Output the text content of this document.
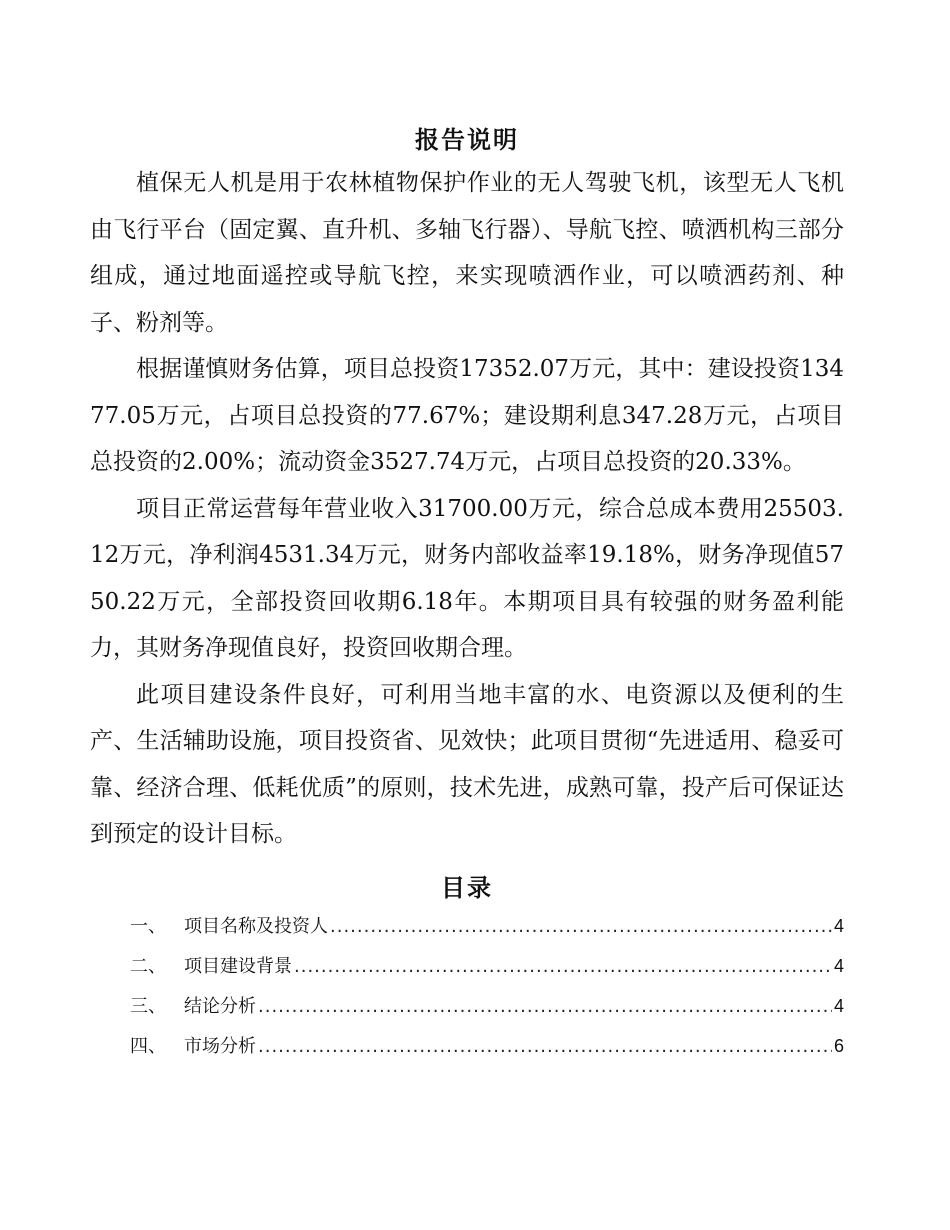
报告说明

植保无人机是用于农林植物保护作业的无人驾驶飞机，该型无人飞机由飞行平台（固定翼、直升机、多轴飞行器）、导航飞控、喷洒机构三部分组成，通过地面遥控或导航飞控，来实现喷洒作业，可以喷洒药剂、种子、粉剂等。

根据谨慎财务估算，项目总投资17352.07万元，其中：建设投资13477.05万元，占项目总投资的77.67%；建设期利息347.28万元，占项目总投资的2.00%；流动资金3527.74万元，占项目总投资的20.33%。

项目正常运营每年营业收入31700.00万元，综合总成本费用25503.12万元，净利润4531.34万元，财务内部收益率19.18%，财务净现值5750.22万元，全部投资回收期6.18年。本期项目具有较强的财务盈利能力，其财务净现值良好，投资回收期合理。

此项目建设条件良好，可利用当地丰富的水、电资源以及便利的生产、生活辅助设施，项目投资省、见效快；此项目贯彻“先进适用、稳妥可靠、经济合理、低耗优质”的原则，技术先进，成熟可靠，投产后可保证达到预定的设计目标。

目录
一、	项目名称及投资人 .....	4
二、	项目建设背景 .....	4
三、	结论分析 .....	4
四、	市场分析 .....	6
